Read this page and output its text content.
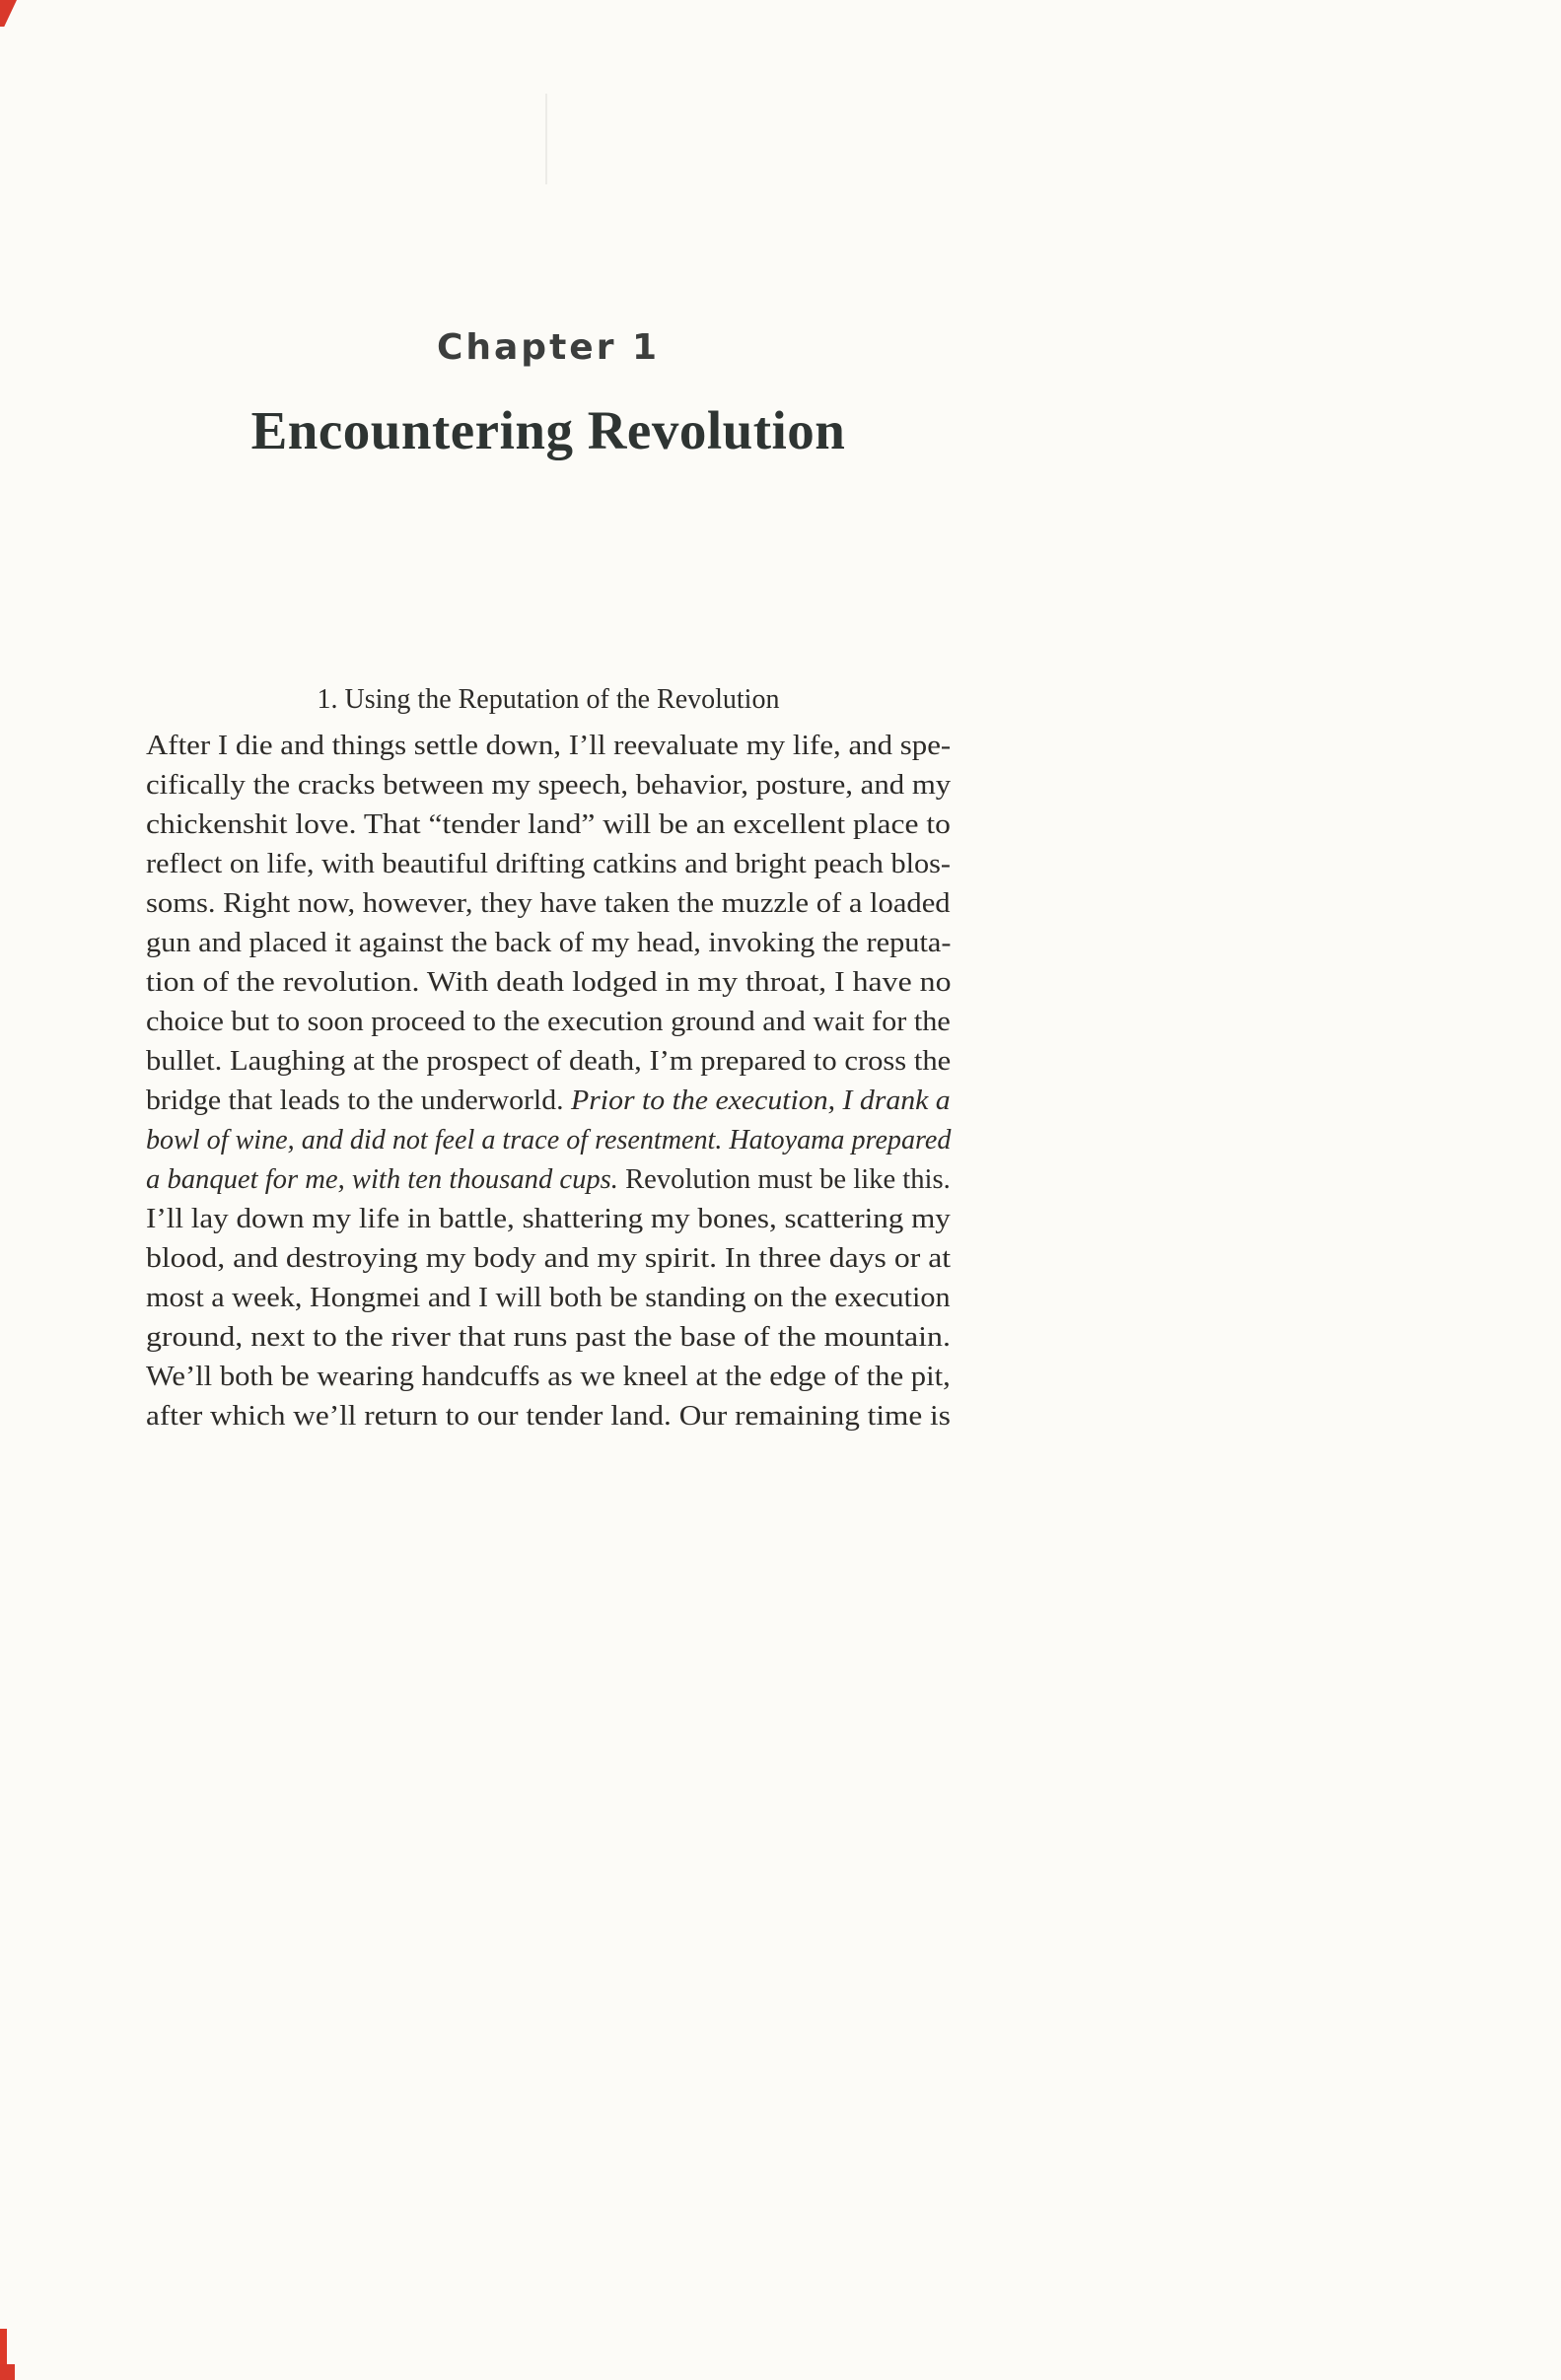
Chapter 1
Encountering Revolution
1. Using the Reputation of the Revolution
After I die and things settle down, I’ll reevaluate my life, and spe-
cifically the cracks between my speech, behavior, posture, and my
chickenshit love. That “tender land” will be an excellent place to
reflect on life, with beautiful drifting catkins and bright peach blos-
soms. Right now, however, they have taken the muzzle of a loaded
gun and placed it against the back of my head, invoking the reputa-
tion of the revolution. With death lodged in my throat, I have no
choice but to soon proceed to the execution ground and wait for the
bullet. Laughing at the prospect of death, I’m prepared to cross the
bridge that leads to the underworld. Prior to the execution, I drank a
bowl of wine, and did not feel a trace of resentment. Hatoyama prepared
a banquet for me, with ten thousand cups. Revolution must be like this.
I’ll lay down my life in battle, shattering my bones, scattering my
blood, and destroying my body and my spirit. In three days or at
most a week, Hongmei and I will both be standing on the execution
ground, next to the river that runs past the base of the mountain.
We’ll both be wearing handcuffs as we kneel at the edge of the pit,
after which we’ll return to our tender land. Our remaining time is
